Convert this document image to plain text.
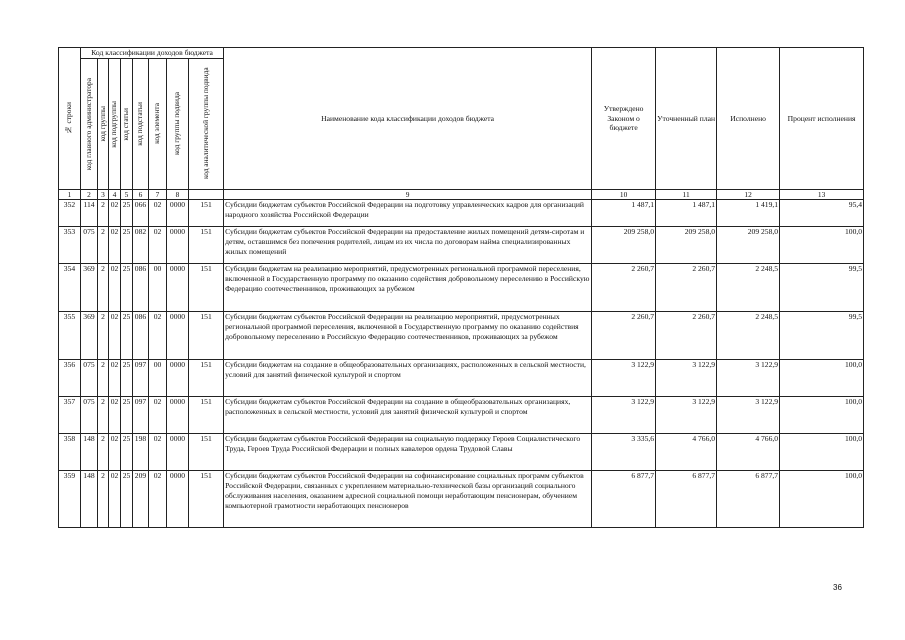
№ строки	Код классификации доходов бюджета								Наименование кода классификации доходов бюджета	Утверждено Законом о бюджете	Уточненный план	Исполнено	Процент исполнения

	код главного администратора	код группы	код подгруппы	код статьи	код подстатьи	код элемента	код группы подвида	код аналитической группы подвида					

1	2	3	4	5	6	7	8		9	10	11	12	13
352	114	2	02	25	066	02	0000	151	Субсидии бюджетам субъектов Российской Федерации на подготовку управленческих кадров для организаций народного хозяйства Российской Федерации	1 487,1	1 487,1	1 419,1	95,4
353	075	2	02	25	082	02	0000	151	Субсидии бюджетам субъектов Российской Федерации на предоставление жилых помещений детям-сиротам и детям, оставшимся без попечения родителей, лицам из их числа по договорам найма специализированных жилых помещений	209 258,0	209 258,0	209 258,0	100,0
354	369	2	02	25	086	00	0000	151	Субсидии бюджетам на реализацию мероприятий, предусмотренных региональной программой переселения, включенной в Государственную программу по оказанию содействия добровольному переселению в Российскую Федерацию соотечественников, проживающих за рубежом	2 260,7	2 260,7	2 248,5	99,5
355	369	2	02	25	086	02	0000	151	Субсидии бюджетам субъектов Российской Федерации на реализацию мероприятий, предусмотренных региональной программой переселения, включенной в Государственную программу по оказанию содействия добровольному переселению в Российскую Федерацию соотечественников, проживающих за рубежом	2 260,7	2 260,7	2 248,5	99,5
356	075	2	02	25	097	00	0000	151	Субсидии бюджетам на создание в общеобразовательных организациях, расположенных в сельской местности, условий для занятий физической культурой и спортом	3 122,9	3 122,9	3 122,9	100,0
357	075	2	02	25	097	02	0000	151	Субсидии бюджетам субъектов Российской Федерации на создание в общеобразовательных организациях, расположенных в сельской местности, условий для занятий физической культурой и спортом	3 122,9	3 122,9	3 122,9	100,0
358	148	2	02	25	198	02	0000	151	Субсидии бюджетам субъектов Российской Федерации на социальную поддержку Героев Социалистического Труда, Героев Труда Российской Федерации и полных кавалеров ордена Трудовой Славы	3 335,6	4 766,0	4 766,0	100,0
359	148	2	02	25	209	02	0000	151	Субсидии бюджетам субъектов Российской Федерации на софинансирование социальных программ субъектов Российской Федерации, связанных с укреплением материально-технической базы организаций социального обслуживания населения, оказанием адресной социальной помощи неработающим пенсионерам, обучением компьютерной грамотности неработающих пенсионеров	6 877,7	6 877,7	6 877,7	100,0
36
